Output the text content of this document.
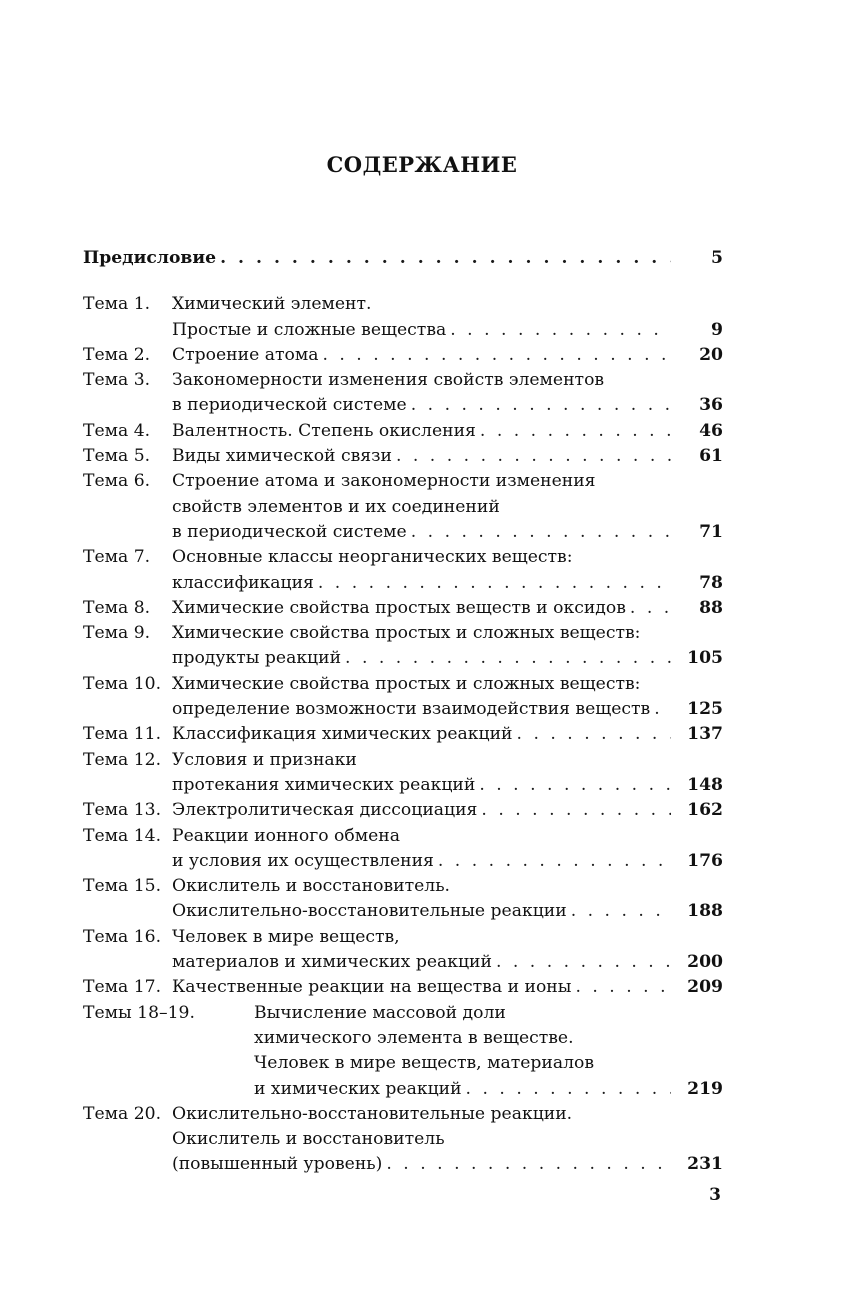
СОДЕРЖАНИЕ
Предисловие . . .	5
Тема 1.	Химический элемент.
Простые и сложные вещества . . .	9
Тема 2.	Строение атома . . .	20
Тема 3.	Закономерности изменения свойств элементов
в периодической системе . . .	36
Тема 4.	Валентность. Степень окисления . . .	46
Тема 5.	Виды химической связи . . .	61
Тема 6.	Строение атома и закономерности изменения
свойств элементов и их соединений
в периодической системе . . .	71
Тема 7.	Основные классы неорганических веществ:
классификация . . .	78
Тема 8.	Химические свойства простых веществ и оксидов . . .	88
Тема 9.	Химические свойства простых и сложных веществ:
продукты реакций . . .	105
Тема 10. Химические свойства простых и сложных веществ:
определение возможности взаимодействия веществ . . .	125
Тема 11. Классификация химических реакций . . .	137
Тема 12. Условия и признаки
протекания химических реакций . . .	148
Тема 13. Электролитическая диссоциация . . .	162
Тема 14. Реакции ионного обмена
и условия их осуществления . . .	176
Тема 15. Окислитель и восстановитель.
Окислительно-восстановительные реакции . . .	188
Тема 16. Человек в мире веществ,
материалов и химических реакций . . .	200
Тема 17. Качественные реакции на вещества и ионы . . .	209
Темы 18–19.	Вычисление массовой доли
химического элемента в веществе.
Человек в мире веществ, материалов
и химических реакций . . .	219
Тема 20. Окислительно-восстановительные реакции.
Окислитель и восстановитель
(повышенный уровень) . . .	231
3
